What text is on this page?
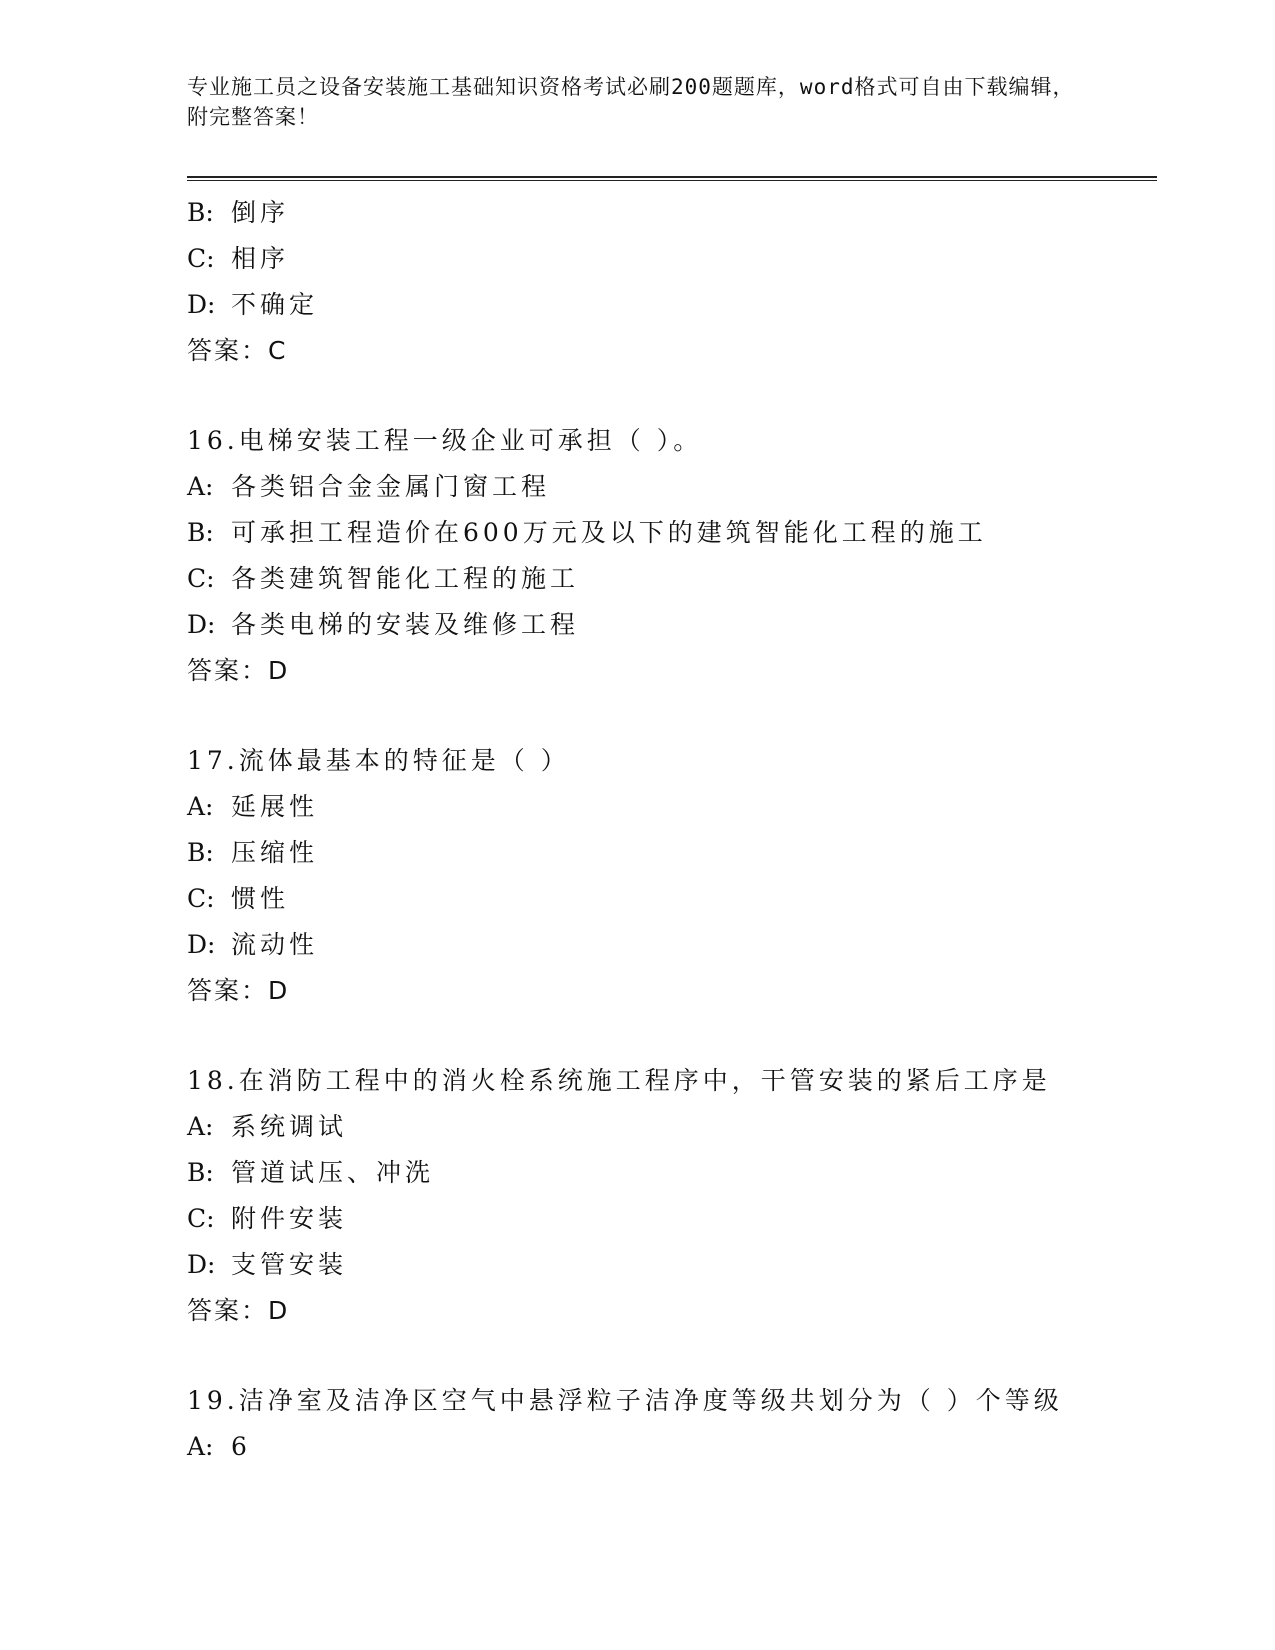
专业施工员之设备安装施工基础知识资格考试必刷200题题库，word格式可自由下载编辑，附完整答案！
B: 倒序
C: 相序
D: 不确定
答案：C
16.电梯安装工程一级企业可承担（ ）。
A: 各类铝合金金属门窗工程
B: 可承担工程造价在600万元及以下的建筑智能化工程的施工
C: 各类建筑智能化工程的施工
D: 各类电梯的安装及维修工程
答案：D
17.流体最基本的特征是（ ）
A: 延展性
B: 压缩性
C: 惯性
D: 流动性
答案：D
18.在消防工程中的消火栓系统施工程序中，干管安装的紧后工序是
A: 系统调试
B: 管道试压、冲洗
C: 附件安装
D: 支管安装
答案：D
19.洁净室及洁净区空气中悬浮粒子洁净度等级共划分为（ ）个等级
A: 6
